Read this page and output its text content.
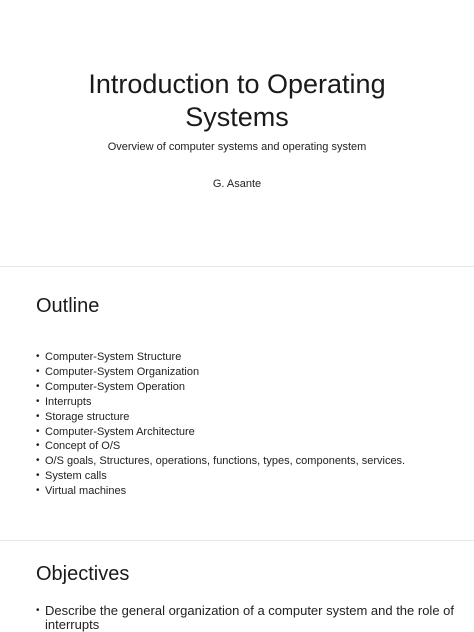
Introduction to Operating
Systems
Overview of computer systems and operating system
G. Asante
Outline
• Computer-System Structure
• Computer-System Organization
• Computer-System Operation
• Interrupts
• Storage structure
• Computer-System Architecture
• Concept of O/S
• O/S goals, Structures, operations, functions, types, components, services.
• System calls
• Virtual machines
Objectives
• Describe the general organization of a computer system and the role of interrupts
